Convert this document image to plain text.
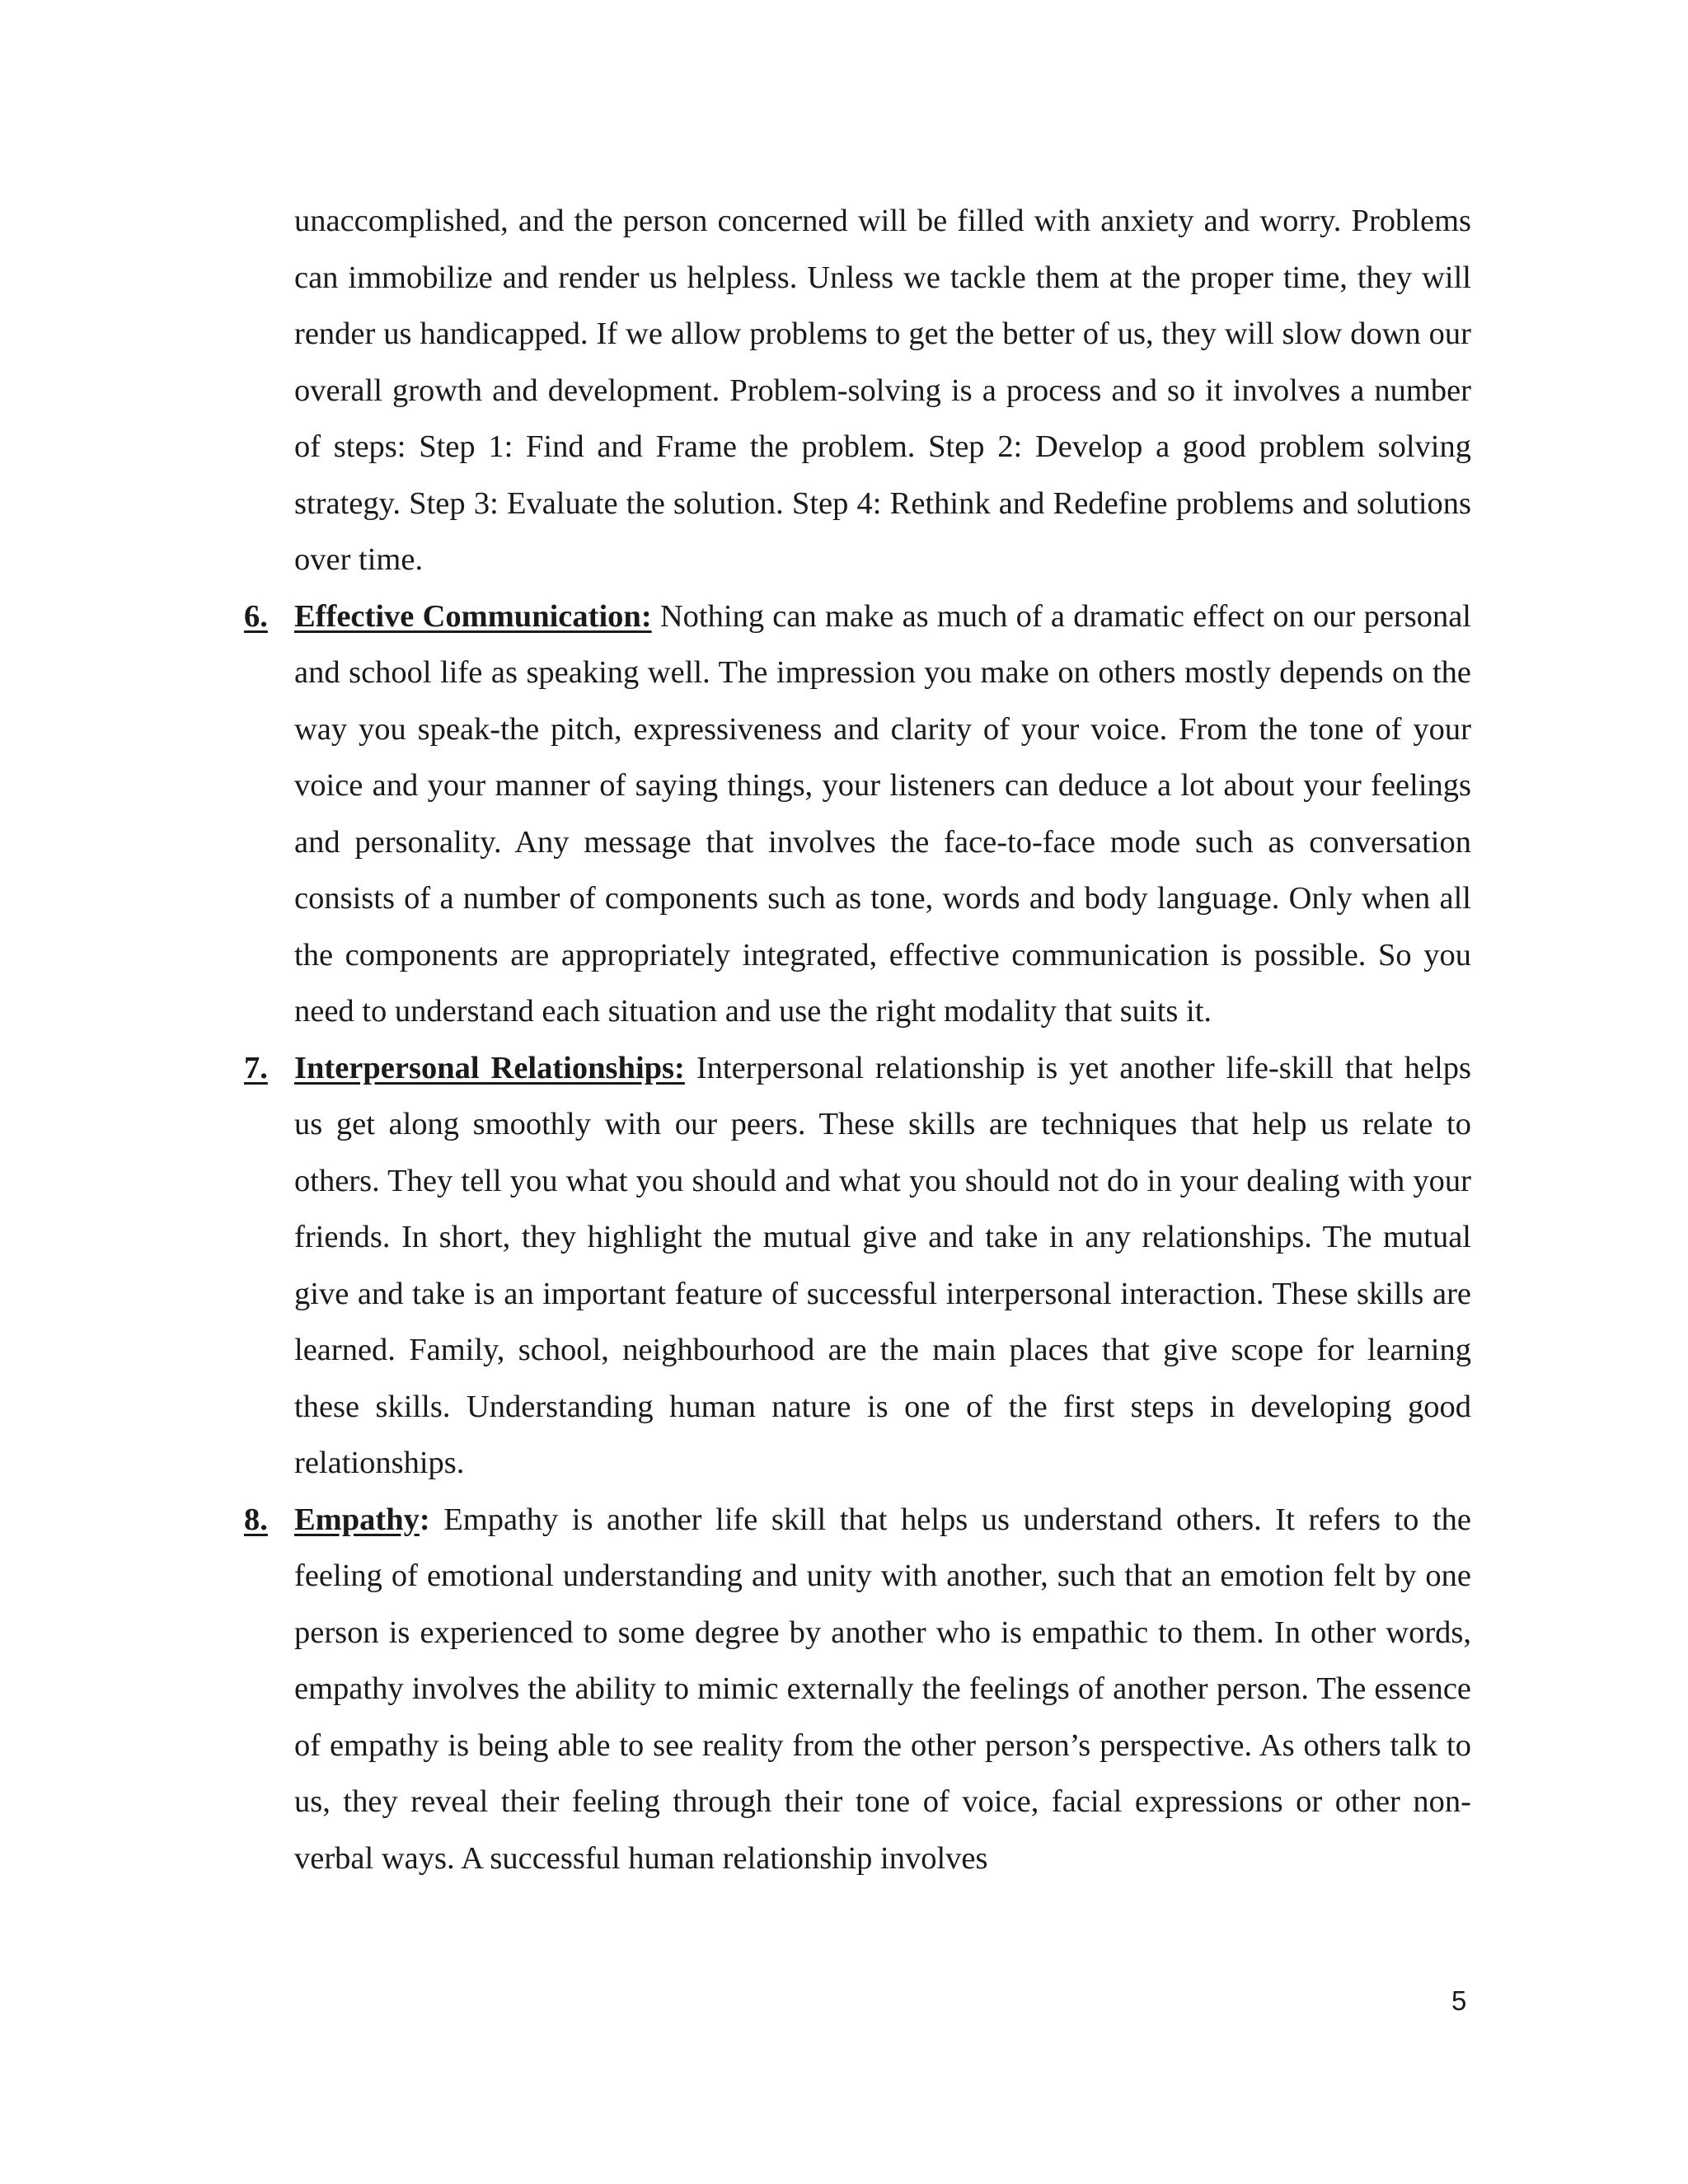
unaccomplished, and the person concerned will be filled with anxiety and worry. Problems can immobilize and render us helpless. Unless we tackle them at the proper time, they will render us handicapped. If we allow problems to get the better of us, they will slow down our overall growth and development. Problem-solving is a process and so it involves a number of steps: Step 1: Find and Frame the problem. Step 2: Develop a good problem solving strategy. Step 3: Evaluate the solution. Step 4: Rethink and Redefine problems and solutions over time.

6. Effective Communication: Nothing can make as much of a dramatic effect on our personal and school life as speaking well. The impression you make on others mostly depends on the way you speak-the pitch, expressiveness and clarity of your voice. From the tone of your voice and your manner of saying things, your listeners can deduce a lot about your feelings and personality. Any message that involves the face-to-face mode such as conversation consists of a number of components such as tone, words and body language. Only when all the components are appropriately integrated, effective communication is possible. So you need to understand each situation and use the right modality that suits it.

7. Interpersonal Relationships: Interpersonal relationship is yet another life-skill that helps us get along smoothly with our peers. These skills are techniques that help us relate to others. They tell you what you should and what you should not do in your dealing with your friends. In short, they highlight the mutual give and take in any relationships. The mutual give and take is an important feature of successful interpersonal interaction. These skills are learned. Family, school, neighbourhood are the main places that give scope for learning these skills. Understanding human nature is one of the first steps in developing good relationships.

8. Empathy: Empathy is another life skill that helps us understand others. It refers to the feeling of emotional understanding and unity with another, such that an emotion felt by one person is experienced to some degree by another who is empathic to them. In other words, empathy involves the ability to mimic externally the feelings of another person. The essence of empathy is being able to see reality from the other person’s perspective. As others talk to us, they reveal their feeling through their tone of voice, facial expressions or other non-verbal ways. A successful human relationship involves

5
